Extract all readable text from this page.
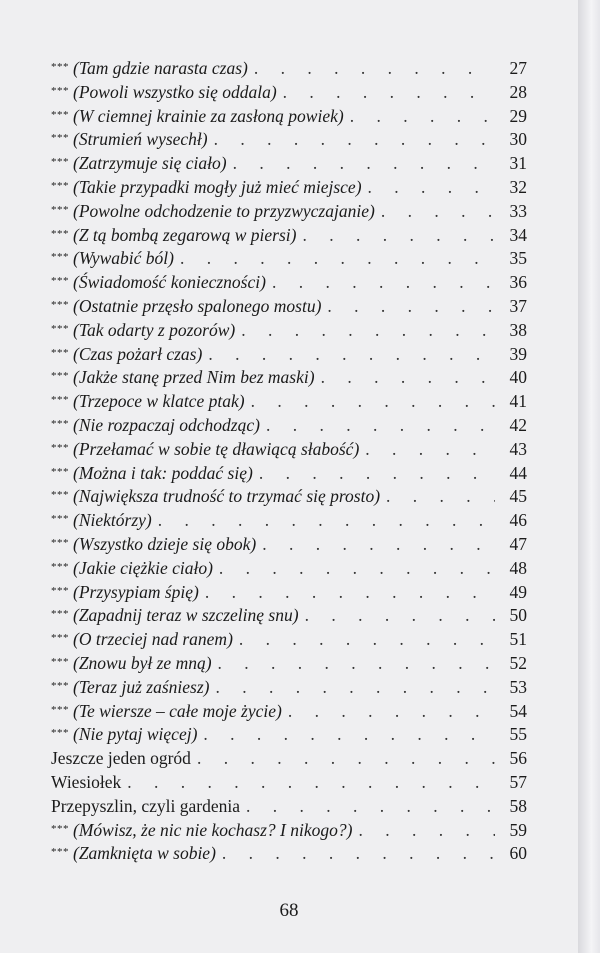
*** (Tam gdzie narasta czas) . . .	27
*** (Powoli wszystko się oddala) . . .	28
*** (W ciemnej krainie za zasłoną powiek) . . .	29
*** (Strumień wysechł) . . .	30
*** (Zatrzymuje się ciało) . . .	31
*** (Takie przypadki mogły już mieć miejsce) . . .	32
*** (Powolne odchodzenie to przyzwyczajanie) . . .	33
*** (Z tą bombą zegarową w piersi) . . .	34
*** (Wywabić ból) . . .	35
*** (Świadomość konieczności) . . .	36
*** (Ostatnie przęsło spalonego mostu) . . .	37
*** (Tak odarty z pozorów) . . .	38
*** (Czas pożarł czas) . . .	39
*** (Jakże stanę przed Nim bez maski) . . .	40
*** (Trzepoce w klatce ptak) . . .	41
*** (Nie rozpaczaj odchodząc) . . .	42
*** (Przełamać w sobie tę dławiącą słabość) . . .	43
*** (Można i tak: poddać się) . . .	44
*** (Największa trudność to trzymać się prosto) . . .	45
*** (Niektórzy) . . .	46
*** (Wszystko dzieje się obok) . . .	47
*** (Jakie ciężkie ciało) . . .	48
*** (Przysypiam śpię) . . .	49
*** (Zapadnij teraz w szczelinę snu) . . .	50
*** (O trzeciej nad ranem) . . .	51
*** (Znowu był ze mną) . . .	52
*** (Teraz już zaśniesz) . . .	53
*** (Te wiersze – całe moje życie) . . .	54
*** (Nie pytaj więcej) . . .	55
Jeszcze jeden ogród . . .	56
Wiesiołek . . .	57
Przepyszlin, czyli gardenia . . .	58
*** (Mówisz, że nic nie kochasz? I nikogo?) . . .	59
*** (Zamknięta w sobie) . . .	60
68
